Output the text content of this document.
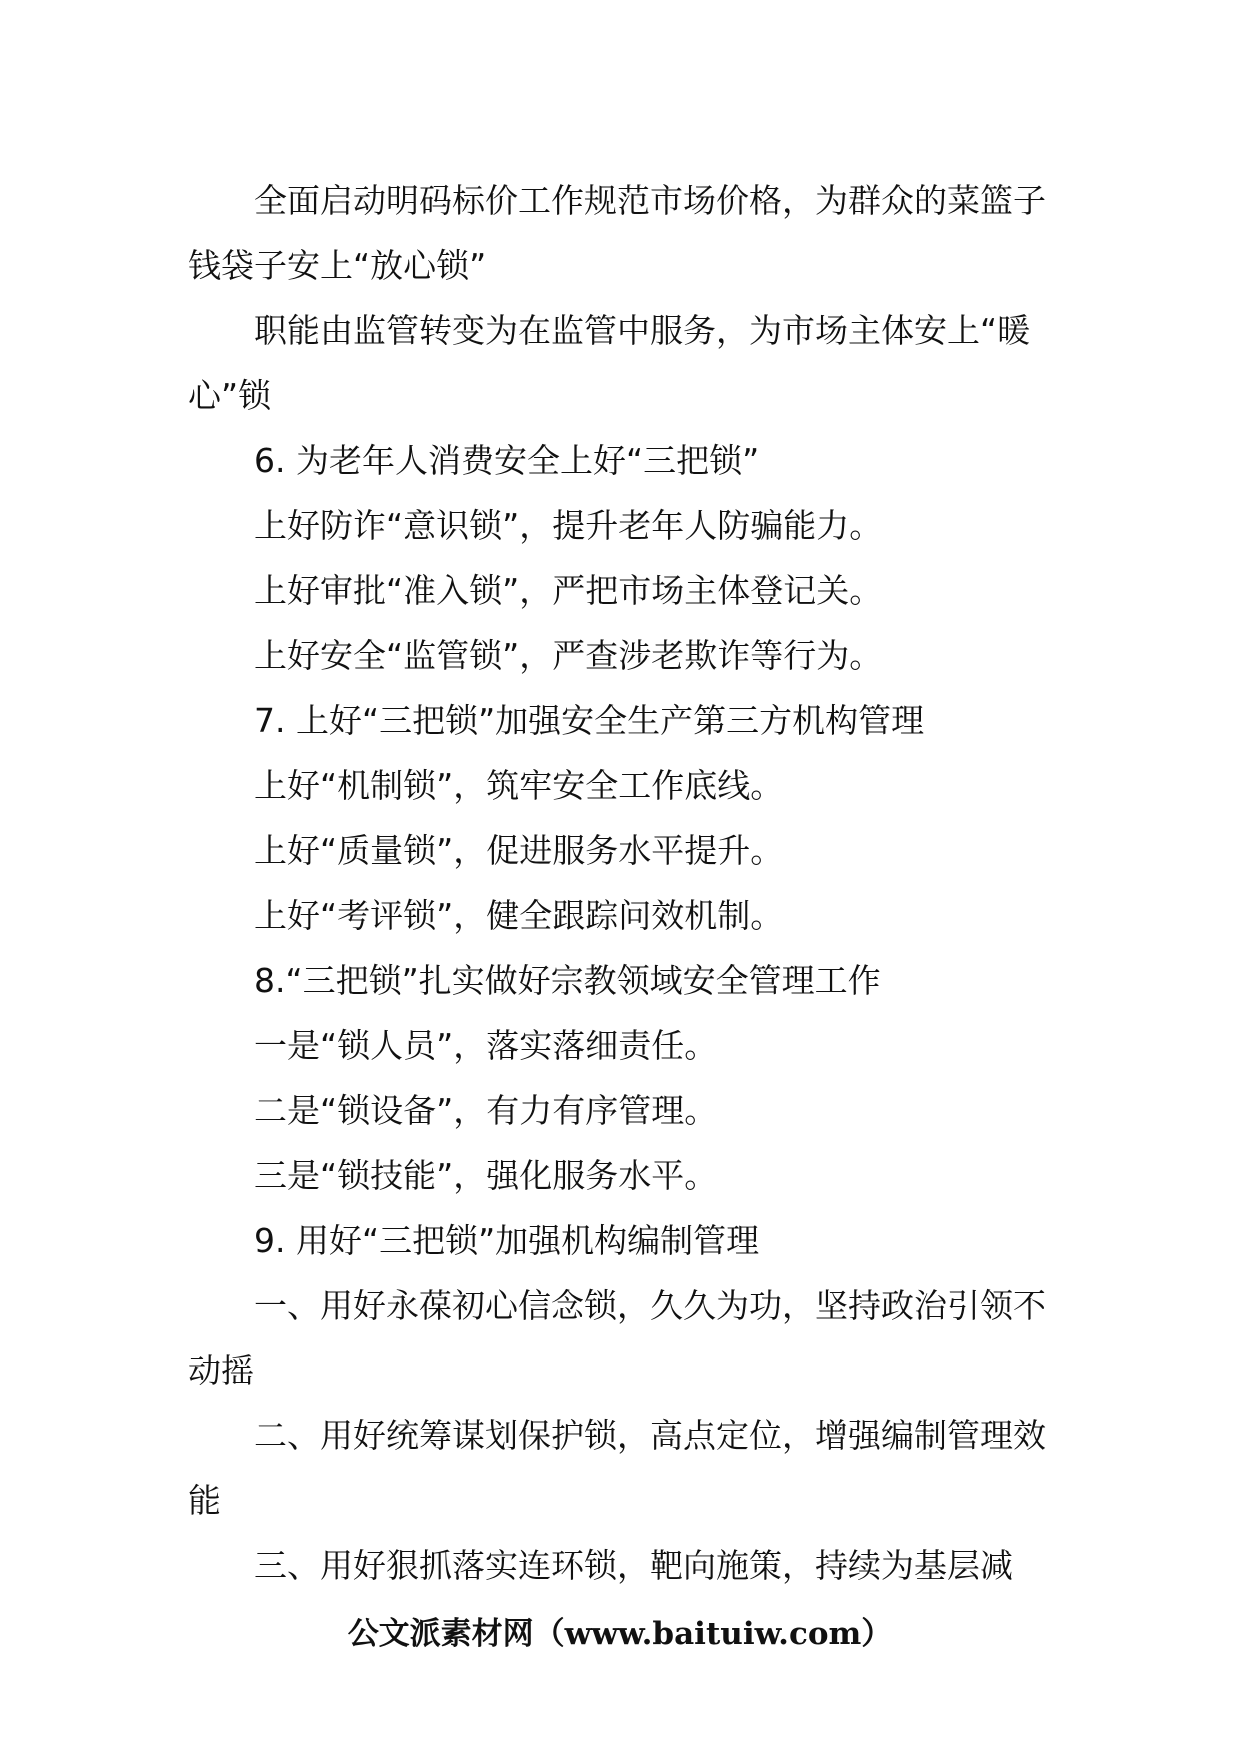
全面启动明码标价工作规范市场价格，为群众的菜篮子钱袋子安上“放心锁”

职能由监管转变为在监管中服务，为市场主体安上“暖心”锁

6. 为老年人消费安全上好“三把锁”

上好防诈“意识锁”，提升老年人防骗能力。

上好审批“准入锁”，严把市场主体登记关。

上好安全“监管锁”，严查涉老欺诈等行为。

7. 上好“三把锁”加强安全生产第三方机构管理

上好“机制锁”，筑牢安全工作底线。

上好“质量锁”，促进服务水平提升。

上好“考评锁”，健全跟踪问效机制。

8.“三把锁”扎实做好宗教领域安全管理工作

一是“锁人员”，落实落细责任。

二是“锁设备”，有力有序管理。

三是“锁技能”，强化服务水平。

9. 用好“三把锁”加强机构编制管理

一、用好永葆初心信念锁，久久为功，坚持政治引领不动摇

二、用好统筹谋划保护锁，高点定位，增强编制管理效能

三、用好狠抓落实连环锁，靶向施策，持续为基层减

公文派素材网（www.baituiw.com）
